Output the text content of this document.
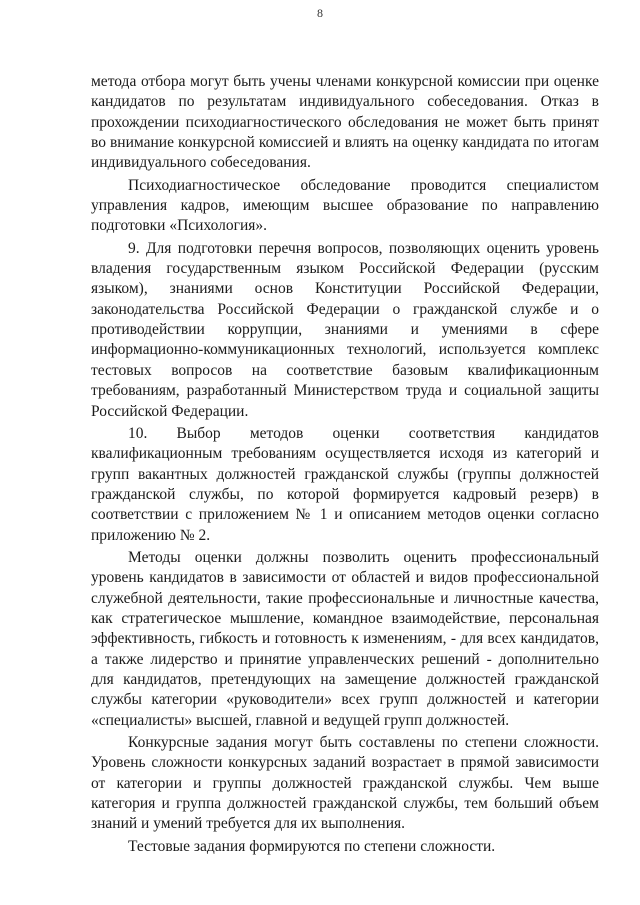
8

метода отбора могут быть учены членами конкурсной комиссии при оценке кандидатов по результатам индивидуального собеседования. Отказ в прохождении психодиагностического обследования не может быть принят во внимание конкурсной комиссией и влиять на оценку кандидата по итогам индивидуального собеседования.

Психодиагностическое обследование проводится специалистом управления кадров, имеющим высшее образование по направлению подготовки «Психология».

9. Для подготовки перечня вопросов, позволяющих оценить уровень владения государственным языком Российской Федерации (русским языком), знаниями основ Конституции Российской Федерации, законодательства Российской Федерации о гражданской службе и о противодействии коррупции, знаниями и умениями в сфере информационно-коммуникационных технологий, используется комплекс тестовых вопросов на соответствие базовым квалификационным требованиям, разработанный Министерством труда и социальной защиты Российской Федерации.

10. Выбор методов оценки соответствия кандидатов квалификационным требованиям осуществляется исходя из категорий и групп вакантных должностей гражданской службы (группы должностей гражданской службы, по которой формируется кадровый резерв) в соответствии с приложением № 1 и описанием методов оценки согласно приложению № 2.

Методы оценки должны позволить оценить профессиональный уровень кандидатов в зависимости от областей и видов профессиональной служебной деятельности, такие профессиональные и личностные качества, как стратегическое мышление, командное взаимодействие, персональная эффективность, гибкость и готовность к изменениям, - для всех кандидатов, а также лидерство и принятие управленческих решений - дополнительно для кандидатов, претендующих на замещение должностей гражданской службы категории «руководители» всех групп должностей и категории «специалисты» высшей, главной и ведущей групп должностей.

Конкурсные задания могут быть составлены по степени сложности. Уровень сложности конкурсных заданий возрастает в прямой зависимости от категории и группы должностей гражданской службы. Чем выше категория и группа должностей гражданской службы, тем больший объем знаний и умений требуется для их выполнения.

Тестовые задания формируются по степени сложности.
